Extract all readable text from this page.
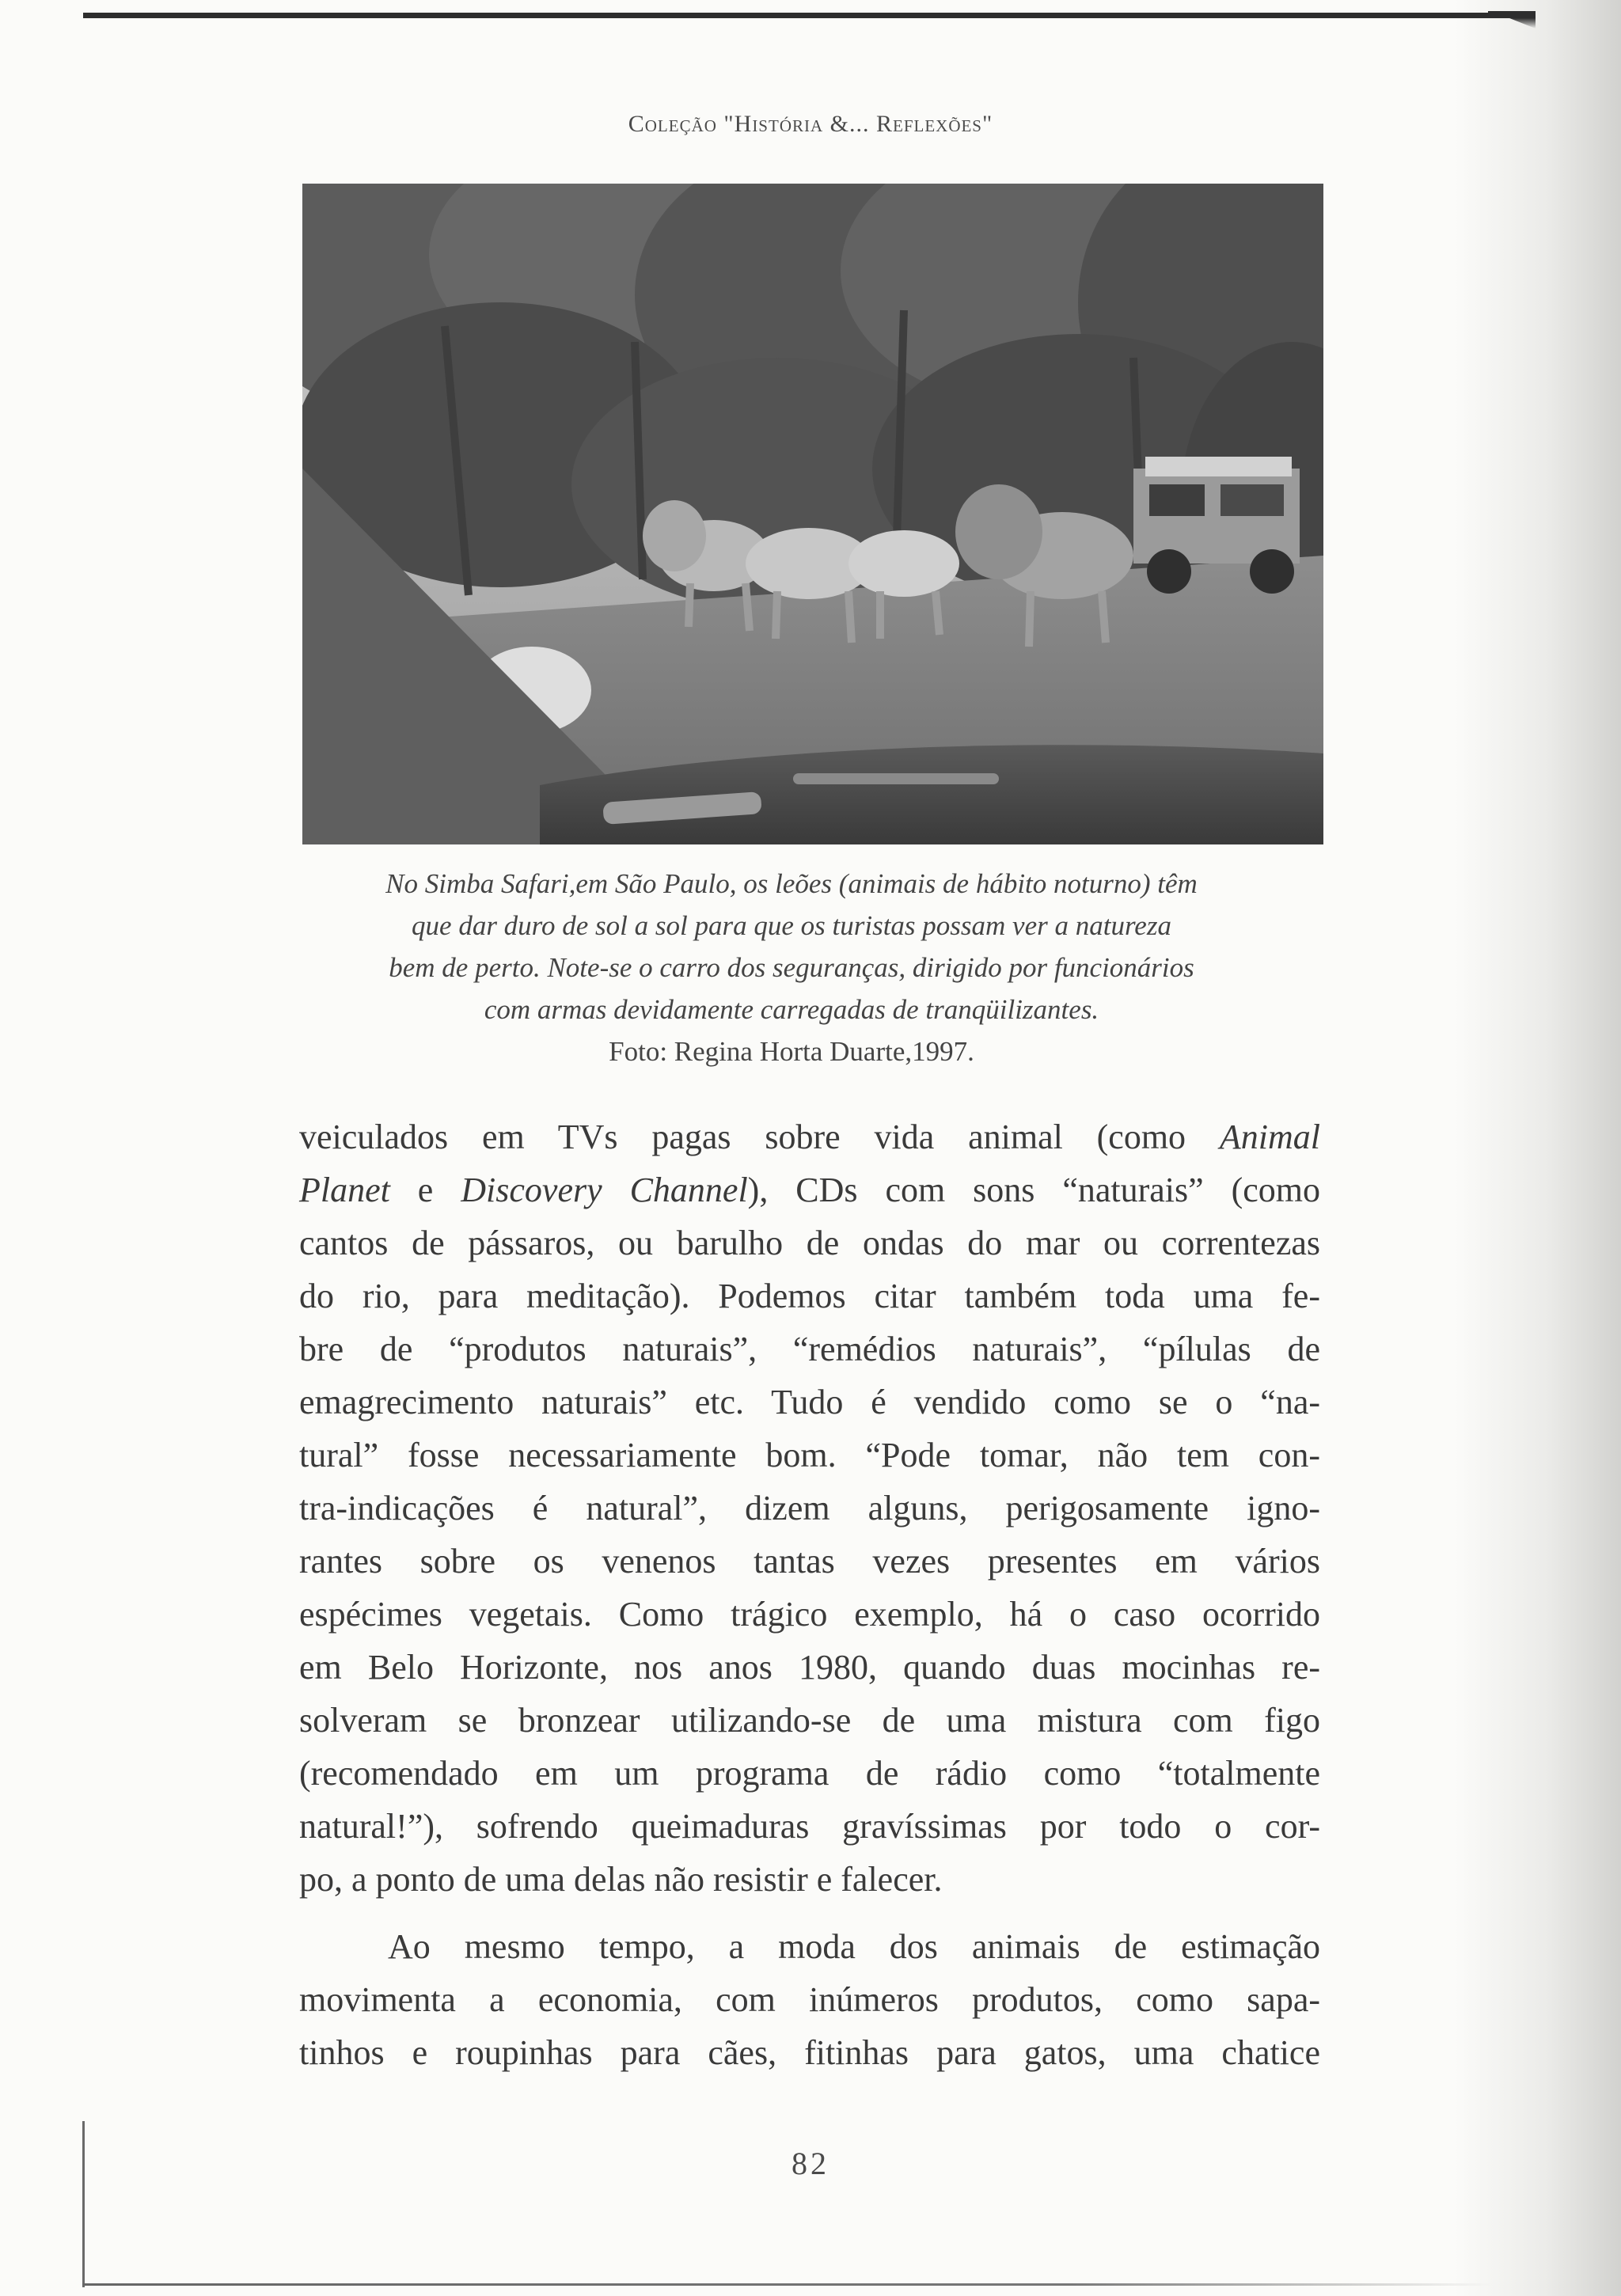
Coleção "História &... Reflexões"
No Simba Safari,em São Paulo, os leões (animais de hábito noturno) têm
que dar duro de sol a sol para que os turistas possam ver a natureza
bem de perto. Note-se o carro dos seguranças, dirigido por funcionários
com armas devidamente carregadas de tranqüilizantes.
Foto: Regina Horta Duarte,1997.
veiculados em TVs pagas sobre vida animal (como Animal
Planet e Discovery Channel), CDs com sons “naturais” (como
cantos de pássaros, ou barulho de ondas do mar ou correntezas
do rio, para meditação). Podemos citar também toda uma fe-
bre de “produtos naturais”, “remédios naturais”, “pílulas de
emagrecimento naturais” etc. Tudo é vendido como se o “na-
tural” fosse necessariamente bom. “Pode tomar, não tem con-
tra-indicações é natural”, dizem alguns, perigosamente igno-
rantes sobre os venenos tantas vezes presentes em vários
espécimes vegetais. Como trágico exemplo, há o caso ocorrido
em Belo Horizonte, nos anos 1980, quando duas mocinhas re-
solveram se bronzear utilizando-se de uma mistura com figo
(recomendado em um programa de rádio como “totalmente
natural!”), sofrendo queimaduras gravíssimas por todo o cor-
po, a ponto de uma delas não resistir e falecer.
Ao mesmo tempo, a moda dos animais de estimação
movimenta a economia, com inúmeros produtos, como sapa-
tinhos e roupinhas para cães, fitinhas para gatos, uma chatice
82
